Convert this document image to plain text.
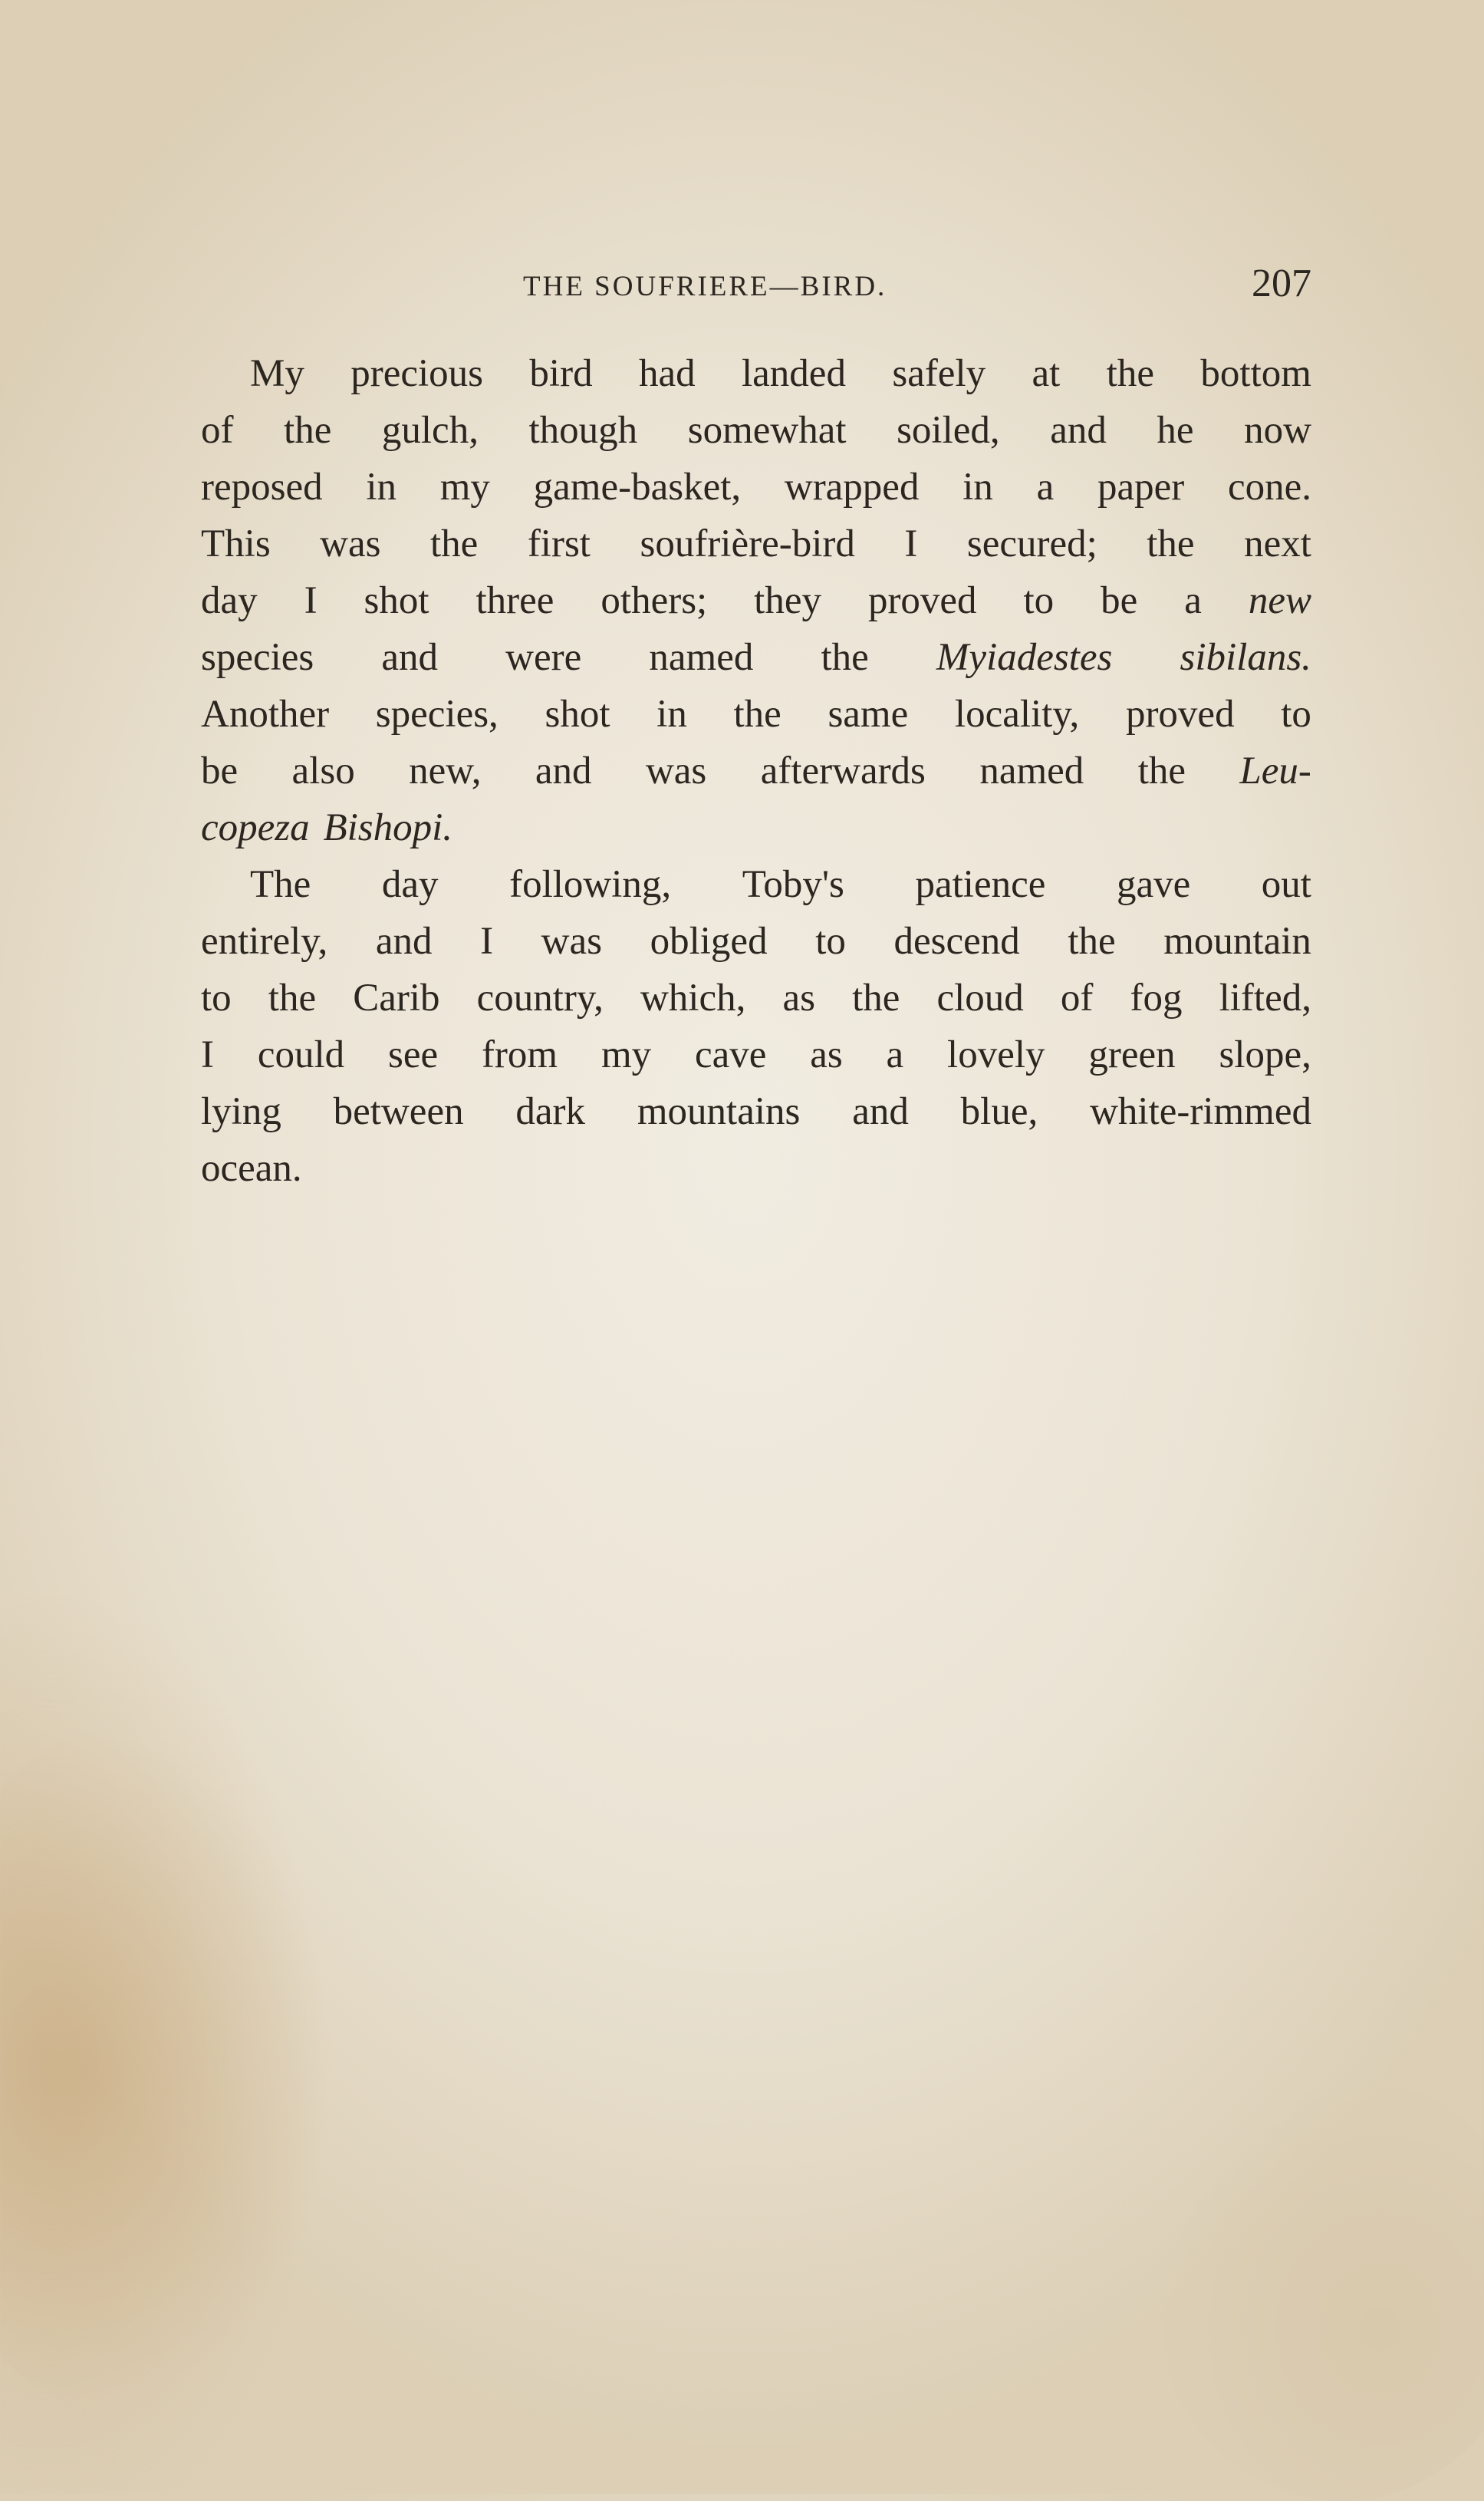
THE SOUFRIERE—BIRD.	207
My precious bird had landed safely at the bottom
of the gulch, though somewhat soiled, and he now
reposed in my game-basket, wrapped in a paper cone.
This was the first soufrière-bird I secured; the next
day I shot three others; they proved to be a new
species and were named the Myiadestes sibilans.
Another species, shot in the same locality, proved to
be also new, and was afterwards named the Leu-
copeza Bishopi.
The day following, Toby's patience gave out
entirely, and I was obliged to descend the mountain
to the Carib country, which, as the cloud of fog lifted,
I could see from my cave as a lovely green slope,
lying between dark mountains and blue, white-rimmed
ocean.
